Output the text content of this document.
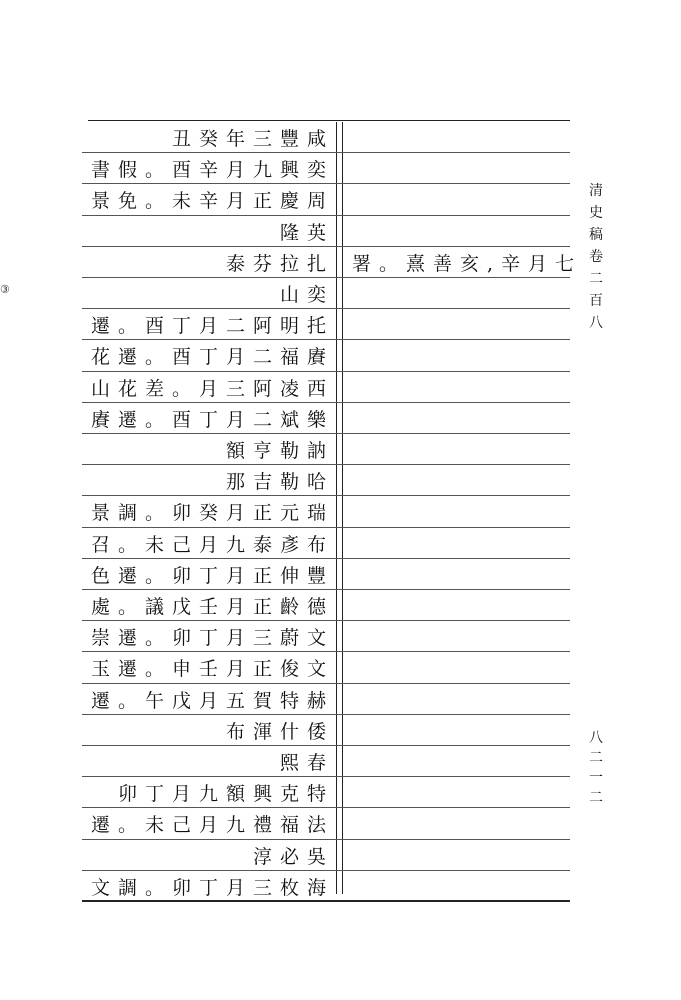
③
丑癸年三豐咸
書假。酉辛月九興奕
景免。未辛月正慶周
隆英
泰芬拉扎 署。熹善亥,辛月七
山奕
遷。酉丁月二阿明托
花遷。酉丁月二福賡
山花差。月三阿凌西
賡遷。酉丁月二斌樂
額亨勒訥
那吉勒哈
景調。卯癸月正元瑞
召。未己月九泰彥布
色遷。卯丁月正伸豐
處。議戊壬月正齡德
崇遷。卯丁月三蔚文
玉遷。申壬月正俊文
遷。午戊月五賀特赫
布渾什倭
熙春
卯丁月九額興克特
遷。未己月九禮福法
淳必吳
文調。卯丁月三枚海
清史稿卷二百八
八二一二
